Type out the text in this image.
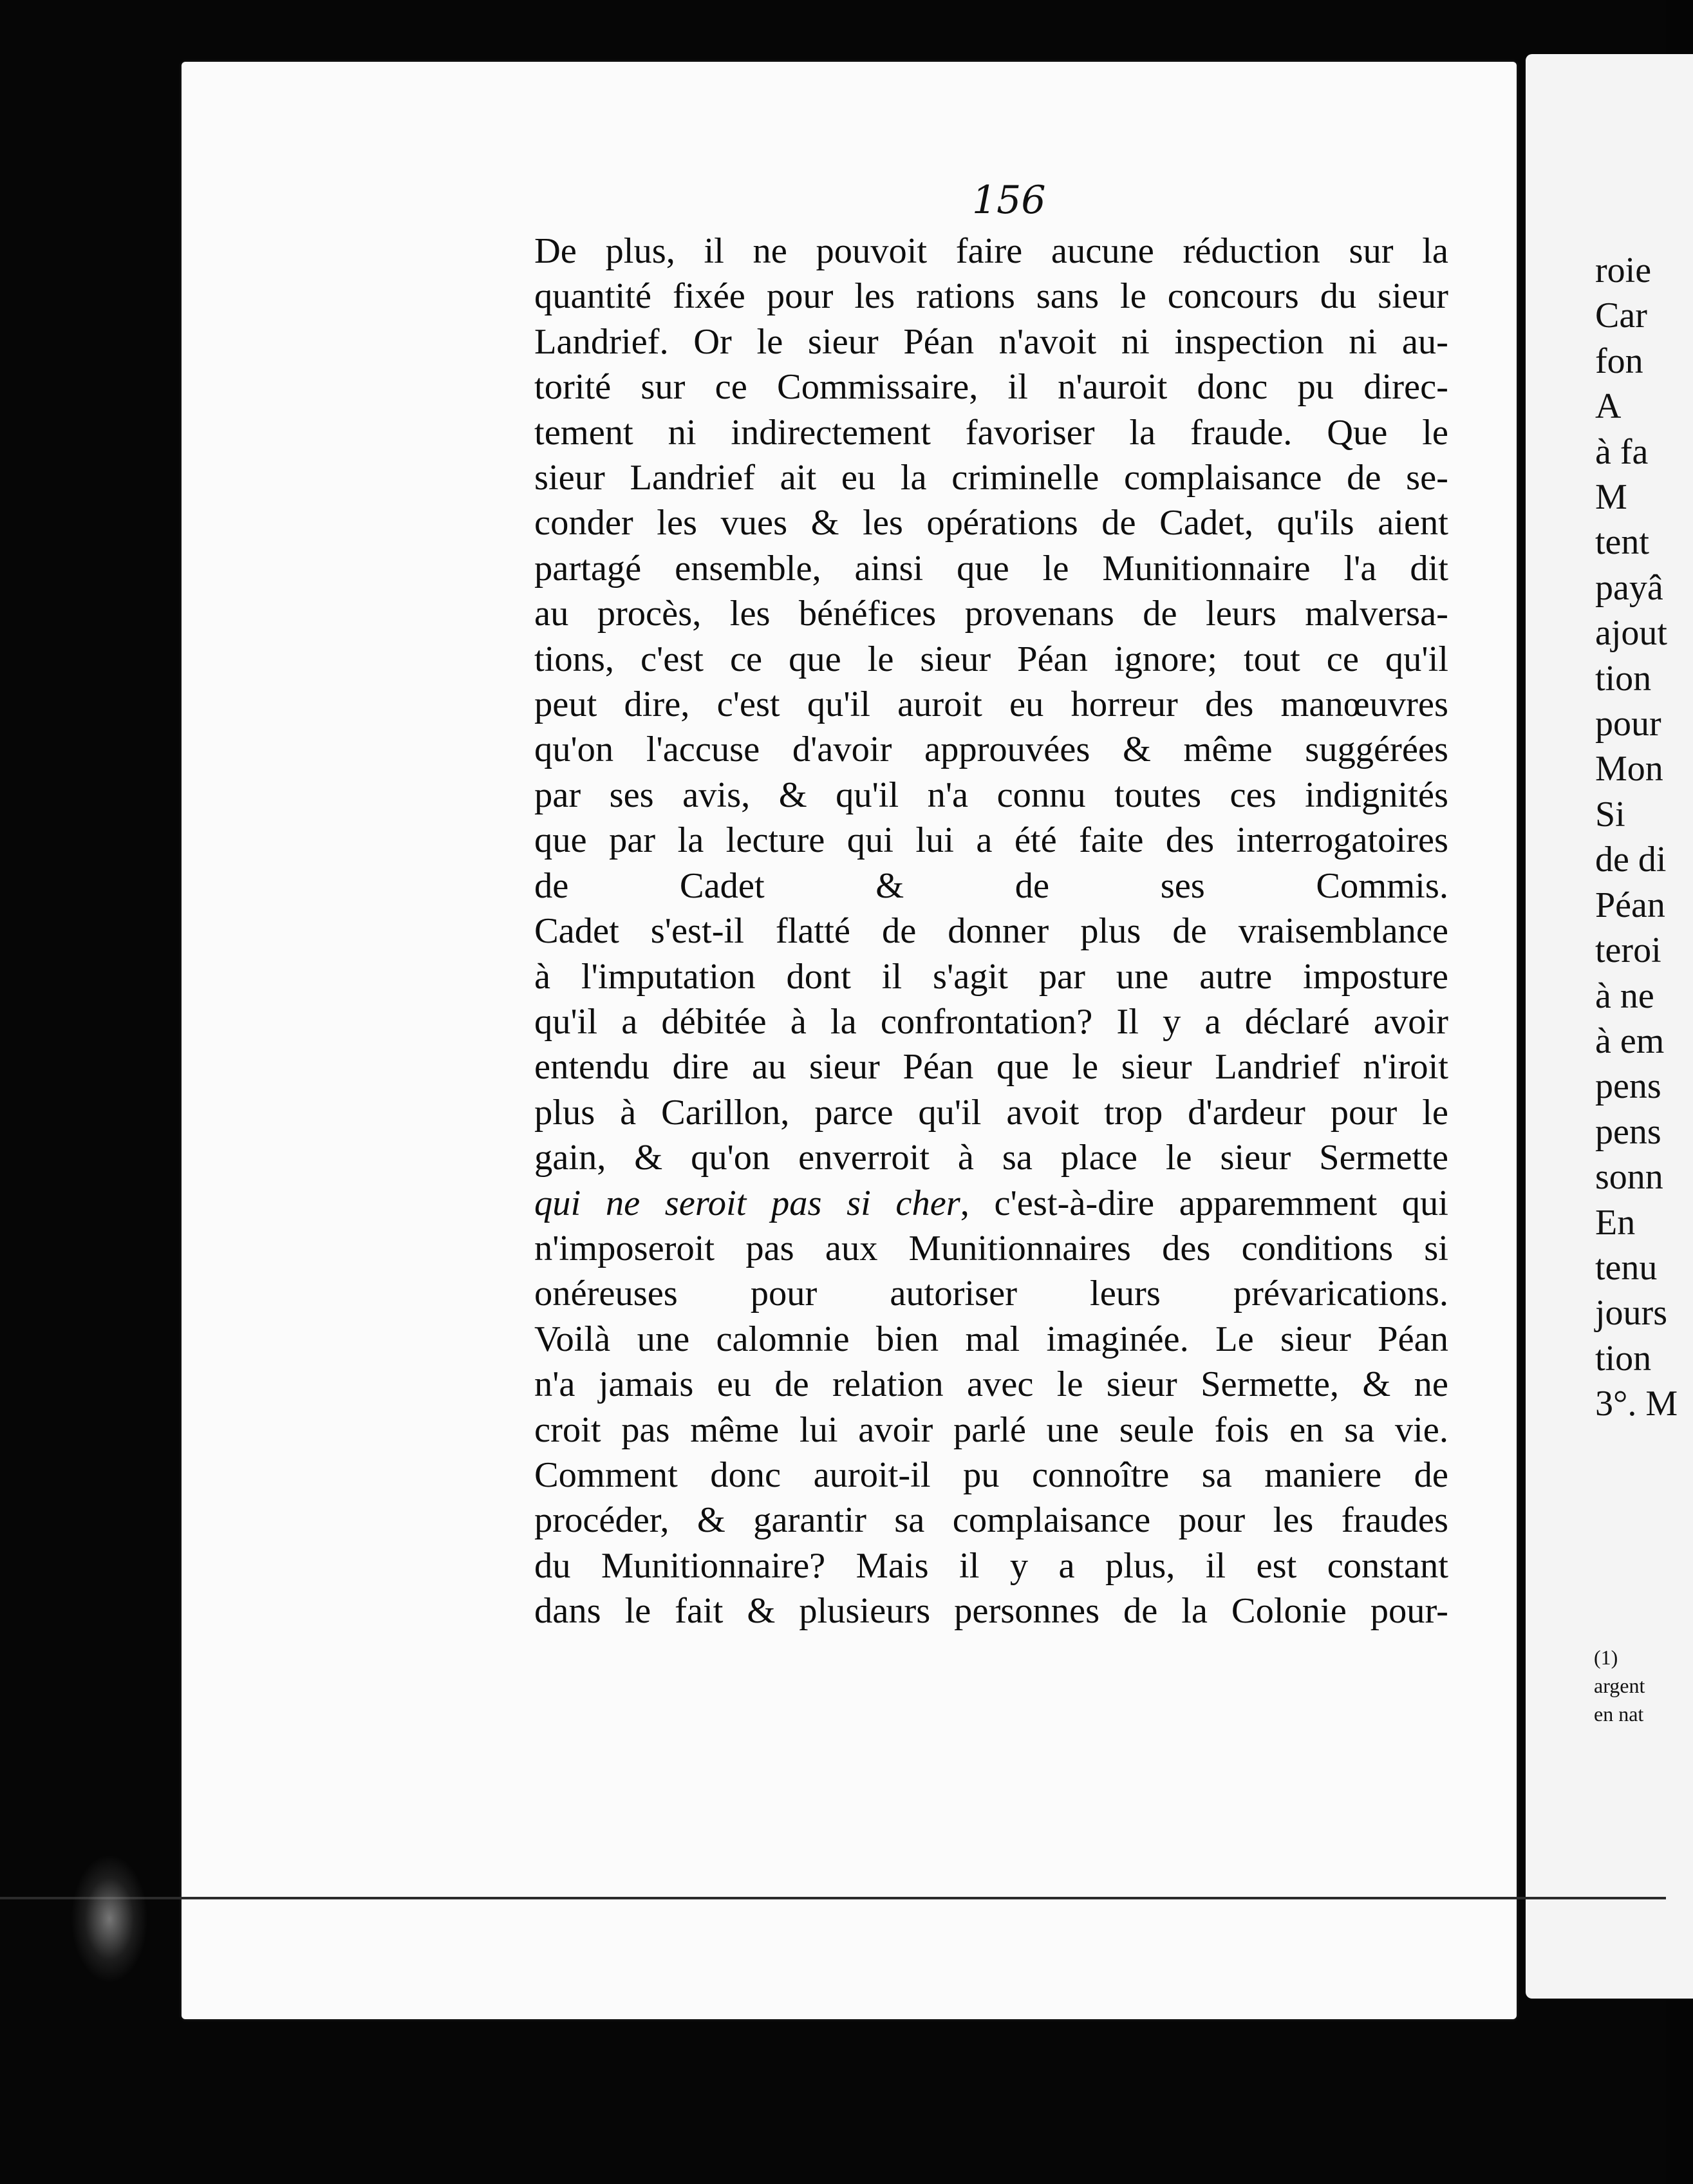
156
De plus, il ne pouvoit faire aucune réduction sur la
quantité fixée pour les rations sans le concours du sieur
Landrief. Or le sieur Péan n'avoit ni inspection ni au-
torité sur ce Commissaire, il n'auroit donc pu direc-
tement ni indirectement favoriser la fraude. Que le
sieur Landrief ait eu la criminelle complaisance de se-
conder les vues & les opérations de Cadet, qu'ils aient
partagé ensemble, ainsi que le Munitionnaire l'a dit
au procès, les bénéfices provenans de leurs malversa-
tions, c'est ce que le sieur Péan ignore; tout ce qu'il
peut dire, c'est qu'il auroit eu horreur des manœuvres
qu'on l'accuse d'avoir approuvées & même suggérées
par ses avis, & qu'il n'a connu toutes ces indignités
que par la lecture qui lui a été faite des interrogatoires
de Cadet & de ses Commis.
Cadet s'est-il flatté de donner plus de vraisemblance
à l'imputation dont il s'agit par une autre imposture
qu'il a débitée à la confrontation? Il y a déclaré avoir
entendu dire au sieur Péan que le sieur Landrief n'iroit
plus à Carillon, parce qu'il avoit trop d'ardeur pour le
gain, & qu'on enverroit à sa place le sieur Sermette
qui ne seroit pas si cher, c'est-à-dire apparemment qui
n'imposeroit pas aux Munitionnaires des conditions si
onéreuses pour autoriser leurs prévarications.
Voilà une calomnie bien mal imaginée. Le sieur Péan
n'a jamais eu de relation avec le sieur Sermette, & ne
croit pas même lui avoir parlé une seule fois en sa vie.
Comment donc auroit-il pu connoître sa maniere de
procéder, & garantir sa complaisance pour les fraudes
du Munitionnaire? Mais il y a plus, il est constant
dans le fait & plusieurs personnes de la Colonie pour-
roie
Car
fon
A
à fa
M
tent
payâ
ajout
tion
pour
Mon
Si
de di
Péan
teroi
à ne
à em
pens
pens
sonn
En
tenu
jours
tion
3°. M
(1)
argent
en nat
